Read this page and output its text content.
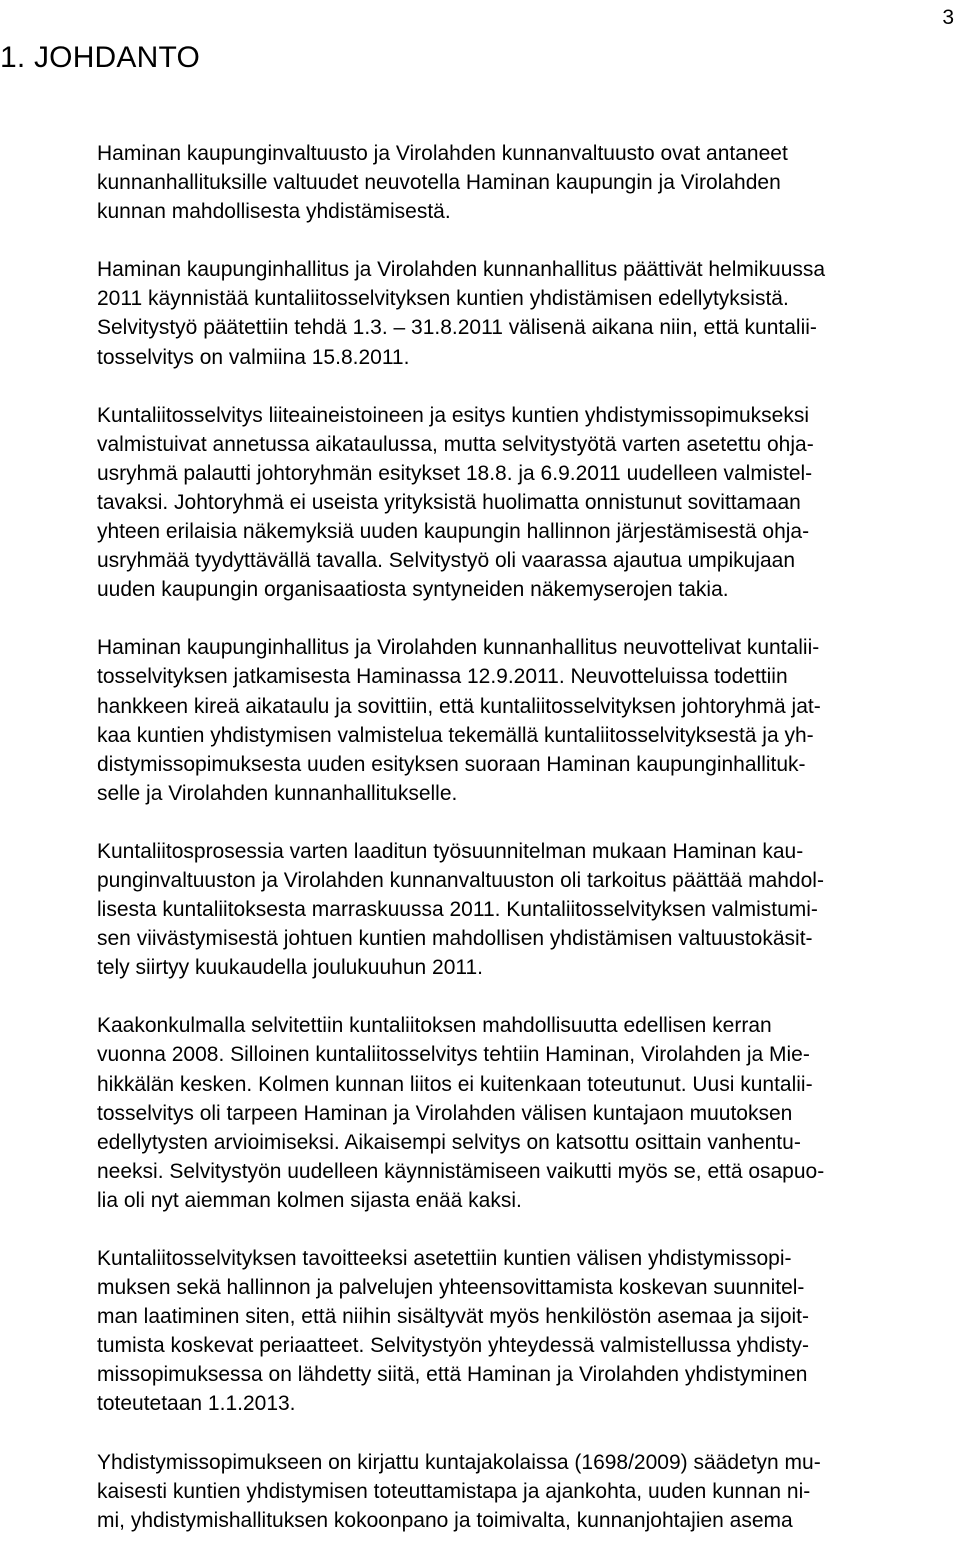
3
1. JOHDANTO

Haminan kaupunginvaltuusto ja Virolahden kunnanvaltuusto ovat antaneet
kunnanhallituksille valtuudet neuvotella Haminan kaupungin ja Virolahden
kunnan mahdollisesta yhdistämisestä.

Haminan kaupunginhallitus ja Virolahden kunnanhallitus päättivät helmikuussa
2011 käynnistää kuntaliitosselvityksen kuntien yhdistämisen edellytyksistä.
Selvitystyö päätettiin tehdä 1.3. – 31.8.2011 välisenä aikana niin, että kuntalii-
tosselvitys on valmiina 15.8.2011.

Kuntaliitosselvitys liiteaineistoineen ja esitys kuntien yhdistymissopimukseksi
valmistuivat annetussa aikataulussa, mutta selvitystyötä varten asetettu ohja-
usryhmä palautti johtoryhmän esitykset 18.8. ja 6.9.2011 uudelleen valmistel-
tavaksi. Johtoryhmä ei useista yrityksistä huolimatta onnistunut sovittamaan
yhteen erilaisia näkemyksiä uuden kaupungin hallinnon järjestämisestä ohja-
usryhmää tyydyttävällä tavalla. Selvitystyö oli vaarassa ajautua umpikujaan
uuden kaupungin organisaatiosta syntyneiden näkemyserojen takia.

Haminan kaupunginhallitus ja Virolahden kunnanhallitus neuvottelivat kuntalii-
tosselvityksen jatkamisesta Haminassa 12.9.2011. Neuvotteluissa todettiin
hankkeen kireä aikataulu ja sovittiin, että kuntaliitosselvityksen johtoryhmä jat-
kaa kuntien yhdistymisen valmistelua tekemällä kuntaliitosselvityksestä ja yh-
distymissopimuksesta uuden esityksen suoraan Haminan kaupunginhallituk-
selle ja Virolahden kunnanhallitukselle.

Kuntaliitosprosessia varten laaditun työsuunnitelman mukaan Haminan kau-
punginvaltuuston ja Virolahden kunnanvaltuuston oli tarkoitus päättää mahdol-
lisesta kuntaliitoksesta marraskuussa 2011. Kuntaliitosselvityksen valmistumi-
sen viivästymisestä johtuen kuntien mahdollisen yhdistämisen valtuustokäsit-
tely siirtyy kuukaudella joulukuuhun 2011.

Kaakonkulmalla selvitettiin kuntaliitoksen mahdollisuutta edellisen kerran
vuonna 2008. Silloinen kuntaliitosselvitys tehtiin Haminan, Virolahden ja Mie-
hikkälän kesken. Kolmen kunnan liitos ei kuitenkaan toteutunut. Uusi kuntalii-
tosselvitys oli tarpeen Haminan ja Virolahden välisen kuntajaon muutoksen
edellytysten arvioimiseksi. Aikaisempi selvitys on katsottu osittain vanhentu-
neeksi. Selvitystyön uudelleen käynnistämiseen vaikutti myös se, että osapuo-
lia oli nyt aiemman kolmen sijasta enää kaksi.

Kuntaliitosselvityksen tavoitteeksi asetettiin kuntien välisen yhdistymissopi-
muksen sekä hallinnon ja palvelujen yhteensovittamista koskevan suunnitel-
man laatiminen siten, että niihin sisältyvät myös henkilöstön asemaa ja sijoit-
tumista koskevat periaatteet. Selvitystyön yhteydessä valmistellussa yhdisty-
missopimuksessa on lähdetty siitä, että Haminan ja Virolahden yhdistyminen
toteutetaan 1.1.2013.

Yhdistymissopimukseen on kirjattu kuntajakolaissa (1698/2009) säädetyn mu-
kaisesti kuntien yhdistymisen toteuttamistapa ja ajankohta, uuden kunnan ni-
mi, yhdistymishallituksen kokoonpano ja toimivalta, kunnanjohtajien asema
